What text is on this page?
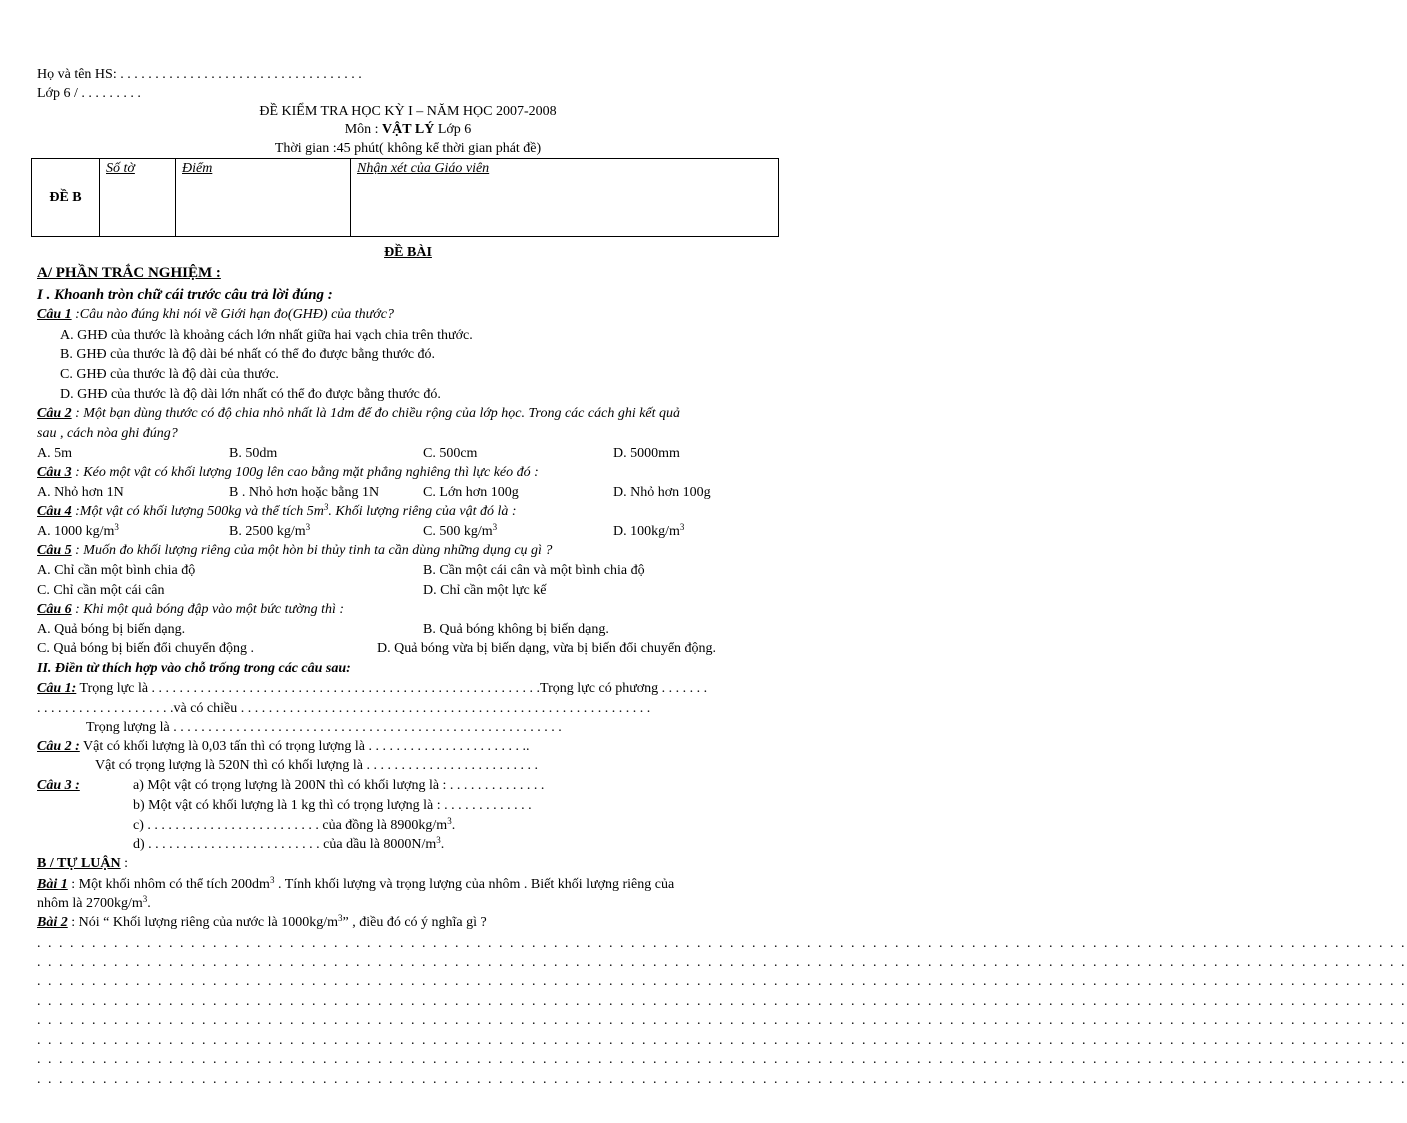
Họ và tên HS: . . . . . . . . . . . . . . . . . . . . . . . . . . . . . . . . . . .
Lớp 6 / . . . . . . . . .
ĐỀ KIỂM TRA HỌC KỲ I – NĂM HỌC 2007-2008
Môn : VẬT LÝ Lớp 6
Thời gian :45 phút( không kể thời gian phát đề)
ĐỀ B	Số tờ	Điểm	Nhận xét của Giáo viên
ĐỀ BÀI
A/ PHẦN TRẮC NGHIỆM :
I . Khoanh tròn chữ cái trước câu trả lời đúng :
Câu 1 :Câu nào đúng khi nói về Giới hạn đo(GHĐ) của thước?
A. GHĐ của thước là khoảng cách lớn nhất giữa hai vạch chia trên thước.
B. GHĐ của thước là độ dài bé nhất có thể đo được bằng thước đó.
C. GHĐ của thước là độ dài của thước.
D. GHĐ của thước là độ dài lớn nhất có thể đo được bằng thước đó.
Câu 2 : Một bạn dùng thước có độ chia nhỏ nhất là 1dm để đo chiều rộng của lớp học. Trong các cách ghi kết quả
sau , cách nòa ghi đúng?
A. 5m	B. 50dm	C. 500cm	D. 5000mm
Câu 3 : Kéo một vật có khối lượng 100g lên cao bằng mặt phẳng nghiêng thì lực kéo đó :
A. Nhỏ hơn 1N	B . Nhỏ hơn hoặc bằng 1N	C. Lớn hơn 100g	D. Nhỏ hơn 100g
Câu 4 :Một vật có khối lượng 500kg và thể tích $5m^3$. Khối lượng riêng của vật đó là :
A. 1000 $kg/m^3$	B. 2500 $kg/m^3$	C. 500 $kg/m^3$	D. $100kg/m^3$
Câu 5 : Muốn đo khối lượng riêng của một hòn bi thủy tinh ta cần dùng những dụng cụ gì ?
A. Chỉ cần một bình chia độ	B. Cần một cái cân và một bình chia độ
C. Chỉ cần một cái cân	D. Chỉ cần một lực kế
Câu 6 : Khi một quả bóng đập vào một bức tường thì :
A. Quả bóng bị biến dạng.	B. Quả bóng không bị biến dạng.
C. Quả bóng bị biến đổi chuyển động .	D. Quả bóng vừa bị biến dạng, vừa bị biến đổi chuyển động.
II. Điền từ thích hợp vào chỗ trống trong các câu sau:
Câu 1: Trọng lực là . . . . . . . . . . . . . . . . . . . . . . . . . . . . . . . . . . . . . . . . . . . . . . . . . . . . . . . .Trọng lực có phương . . . . . . .
. . . . . . . . . . . . . . . . . . . .và có chiều . . . . . . . . . . . . . . . . . . . . . . . . . . . . . . . . . . . . . . . . . . . . . . . . . . . . . . . . . . .
Trọng lượng là . . . . . . . . . . . . . . . . . . . . . . . . . . . . . . . . . . . . . . . . . . . . . . . . . . . . . . . .
Câu 2 : Vật có khối lượng là 0,03 tấn thì có trọng lượng là . . . . . . . . . . . . . . . . . . . . . . ..
Vật có trọng lượng là 520N thì có khối lượng là . . . . . . . . . . . . . . . . . . . . . . . . .
Câu 3 :	a) Một vật có trọng lượng là 200N thì có khối lượng là : . . . . . . . . . . . . . .
b) Một vật có khối lượng là 1 kg thì có trọng lượng là : . . . . . . . . . . . . .
c) . . . . . . . . . . . . . . . . . . . . . . . . . của đồng là $8900kg/m^3$.
d) . . . . . . . . . . . . . . . . . . . . . . . . . của dầu là $8000N/m^3$.
B / TỰ LUẬN :
Bài 1 : Một khối nhôm có thể tích $200dm^3$ . Tính khối lượng và trọng lượng của nhôm . Biết khối lượng riêng của
nhôm là $2700kg/m^3$.
Bài 2 : Nói “ Khối lượng riêng của nước là $1000kg/m^3$” , điều đó có ý nghĩa gì ?
. . . . . . . . . . . . . . . . . . . . . . . . . . . . . . . . . . . . . . . . . . . . . . . . . . . . . . . . . . . . . . . . . . . . . . . . . . . . . . . . . . . . . . . . . . . . . . . . . . . . . . . . . . . . . . . . . . . . . . . . . . . . .
. . . . . . . . . . . . . . . . . . . . . . . . . . . . . . . . . . . . . . . . . . . . . . . . . . . . . . . . . . . . . . . . . . . . . . . . . . . . . . . . . . . . . . . . . . . . . . . . . . . . . . . . . . . . . . . . . . . . . . . . . . . . .
. . . . . . . . . . . . . . . . . . . . . . . . . . . . . . . . . . . . . . . . . . . . . . . . . . . . . . . . . . . . . . . . . . . . . . . . . . . . . . . . . . . . . . . . . . . . . . . . . . . . . . . . . . . . . . . . . . . . . . . . . . . . .
. . . . . . . . . . . . . . . . . . . . . . . . . . . . . . . . . . . . . . . . . . . . . . . . . . . . . . . . . . . . . . . . . . . . . . . . . . . . . . . . . . . . . . . . . . . . . . . . . . . . . . . . . . . . . . . . . . . . . . . . . . . . .
. . . . . . . . . . . . . . . . . . . . . . . . . . . . . . . . . . . . . . . . . . . . . . . . . . . . . . . . . . . . . . . . . . . . . . . . . . . . . . . . . . . . . . . . . . . . . . . . . . . . . . . . . . . . . . . . . . . . . . . . . . . . .
. . . . . . . . . . . . . . . . . . . . . . . . . . . . . . . . . . . . . . . . . . . . . . . . . . . . . . . . . . . . . . . . . . . . . . . . . . . . . . . . . . . . . . . . . . . . . . . . . . . . . . . . . . . . . . . . . . . . . . . . . . . . .
. . . . . . . . . . . . . . . . . . . . . . . . . . . . . . . . . . . . . . . . . . . . . . . . . . . . . . . . . . . . . . . . . . . . . . . . . . . . . . . . . . . . . . . . . . . . . . . . . . . . . . . . . . . . . . . . . . . . . . . . . . . . .
. . . . . . . . . . . . . . . . . . . . . . . . . . . . . . . . . . . . . . . . . . . . . . . . . . . . . . . . . . . . . . . . . . . . . . . . . . . . . . . . . . . . . . . . . . . . . . . . . . . . . . . . . . . . . . . . . . . . . . . . . . . . .
